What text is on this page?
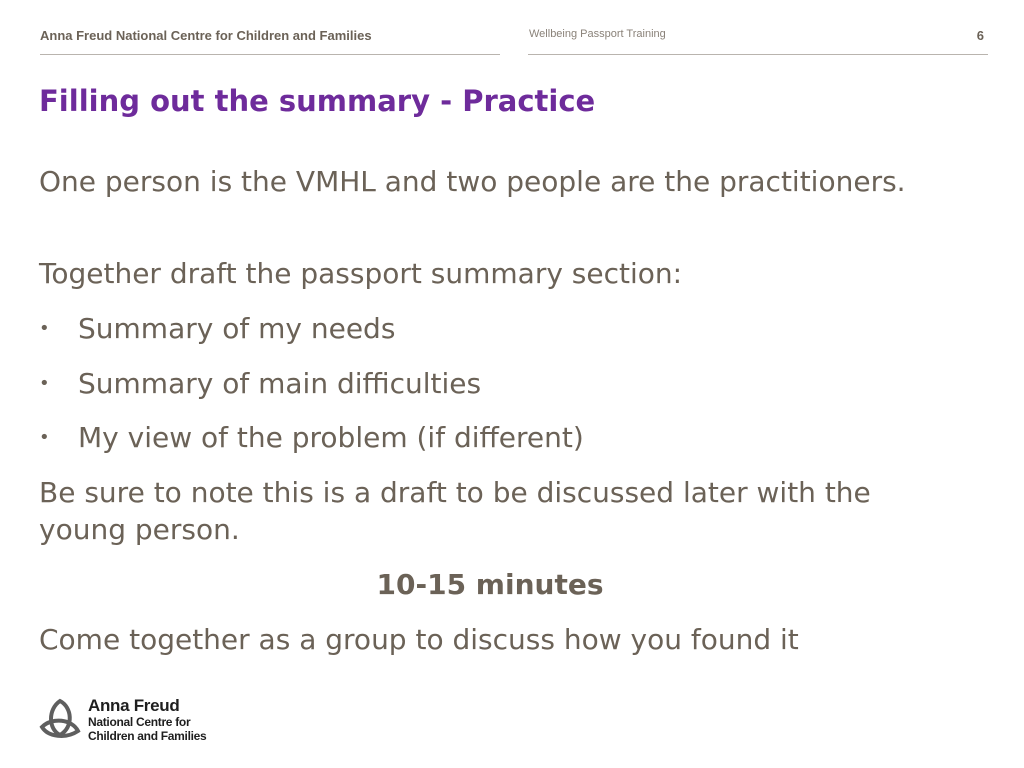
Anna Freud National Centre for Children and Families	Wellbeing Passport Training	6
Filling out the summary - Practice
One person is the VMHL and two people are the practitioners.
Together draft the passport summary section:
• Summary of my needs
• Summary of main difficulties
• My view of the problem (if different)
Be sure to note this is a draft to be discussed later with the young person.
10-15 minutes
Come together as a group to discuss how you found it
Anna Freud
National Centre for
Children and Families
